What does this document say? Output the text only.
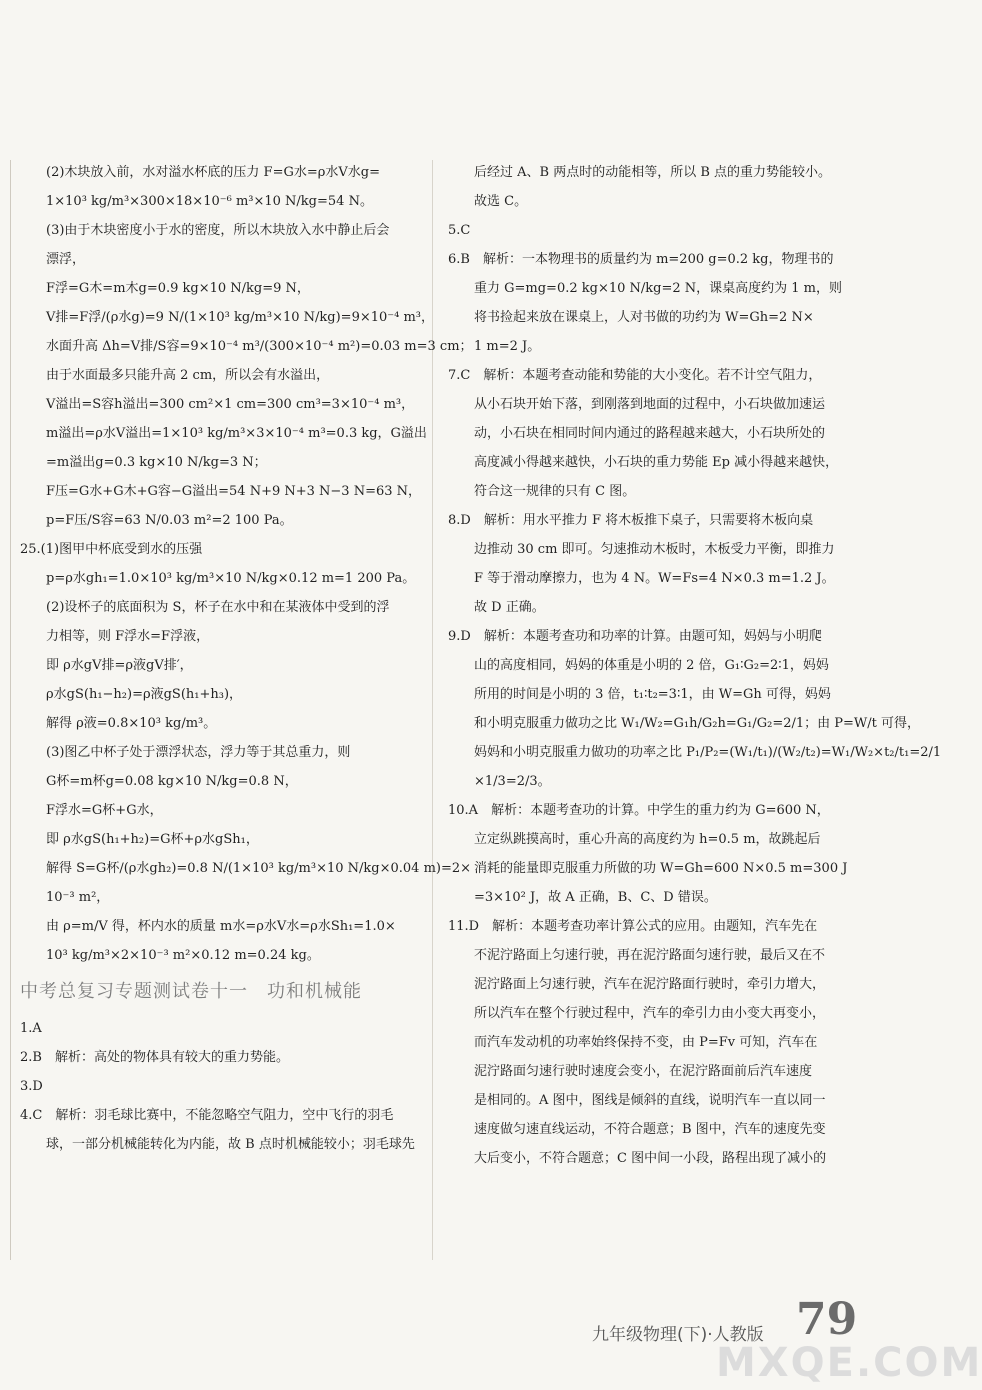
(2)木块放入前，水对溢水杯底的压力 F=G水=ρ水V水g=
1×10³ kg/m³×300×18×10⁻⁶ m³×10 N/kg=54 N。
(3)由于木块密度小于水的密度，所以木块放入水中静止后会
漂浮，
F浮=G木=m木g=0.9 kg×10 N/kg=9 N，
V排=F浮/(ρ水g)=9 N/(1×10³ kg/m³×10 N/kg)=9×10⁻⁴ m³，
水面升高 Δh=V排/S容=9×10⁻⁴ m³/(300×10⁻⁴ m²)=0.03 m=3 cm；
由于水面最多只能升高 2 cm，所以会有水溢出，
V溢出=S容h溢出=300 cm²×1 cm=300 cm³=3×10⁻⁴ m³，
m溢出=ρ水V溢出=1×10³ kg/m³×3×10⁻⁴ m³=0.3 kg，G溢出
=m溢出g=0.3 kg×10 N/kg=3 N；
F压=G水+G木+G容−G溢出=54 N+9 N+3 N−3 N=63 N，
p=F压/S容=63 N/0.03 m²=2 100 Pa。
25.(1)图甲中杯底受到水的压强
p=ρ水gh₁=1.0×10³ kg/m³×10 N/kg×0.12 m=1 200 Pa。
(2)设杯子的底面积为 S，杯子在水中和在某液体中受到的浮
力相等，则 F浮水=F浮液，
即 ρ水gV排=ρ液gV排′，
ρ水gS(h₁−h₂)=ρ液gS(h₁+h₃)，
解得 ρ液=0.8×10³ kg/m³。
(3)图乙中杯子处于漂浮状态，浮力等于其总重力，则
G杯=m杯g=0.08 kg×10 N/kg=0.8 N，
F浮水=G杯+G水，
即 ρ水gS(h₁+h₂)=G杯+ρ水gSh₁，
解得 S=G杯/(ρ水gh₂)=0.8 N/(1×10³ kg/m³×10 N/kg×0.04 m)=2×
10⁻³ m²，
由 ρ=m/V 得，杯内水的质量 m水=ρ水V水=ρ水Sh₁=1.0×
10³ kg/m³×2×10⁻³ m²×0.12 m=0.24 kg。
中考总复习专题测试卷十一　功和机械能
1.A
2.B　解析：高处的物体具有较大的重力势能。
3.D
4.C　解析：羽毛球比赛中，不能忽略空气阻力，空中飞行的羽毛
球，一部分机械能转化为内能，故 B 点时机械能较小；羽毛球先
后经过 A、B 两点时的动能相等，所以 B 点的重力势能较小。
故选 C。
5.C
6.B　解析：一本物理书的质量约为 m=200 g=0.2 kg，物理书的
重力 G=mg=0.2 kg×10 N/kg=2 N，课桌高度约为 1 m，则
将书捡起来放在课桌上，人对书做的功约为 W=Gh=2 N×
1 m=2 J。
7.C　解析：本题考查动能和势能的大小变化。若不计空气阻力，
从小石块开始下落，到刚落到地面的过程中，小石块做加速运
动，小石块在相同时间内通过的路程越来越大，小石块所处的
高度减小得越来越快，小石块的重力势能 Ep 减小得越来越快，
符合这一规律的只有 C 图。
8.D　解析：用水平推力 F 将木板推下桌子，只需要将木板向桌
边推动 30 cm 即可。匀速推动木板时，木板受力平衡，即推力
F 等于滑动摩擦力，也为 4 N。W=Fs=4 N×0.3 m=1.2 J。
故 D 正确。
9.D　解析：本题考查功和功率的计算。由题可知，妈妈与小明爬
山的高度相同，妈妈的体重是小明的 2 倍，G₁∶G₂=2∶1，妈妈
所用的时间是小明的 3 倍，t₁∶t₂=3∶1，由 W=Gh 可得，妈妈
和小明克服重力做功之比 W₁/W₂=G₁h/G₂h=G₁/G₂=2/1；由 P=W/t 可得，
妈妈和小明克服重力做功的功率之比 P₁/P₂=(W₁/t₁)/(W₂/t₂)=W₁/W₂×t₂/t₁=2/1
×1/3=2/3。
10.A　解析：本题考查功的计算。中学生的重力约为 G=600 N，
立定纵跳摸高时，重心升高的高度约为 h=0.5 m，故跳起后
消耗的能量即克服重力所做的功 W=Gh=600 N×0.5 m=300 J
=3×10² J，故 A 正确，B、C、D 错误。
11.D　解析：本题考查功率计算公式的应用。由题知，汽车先在
不泥泞路面上匀速行驶，再在泥泞路面匀速行驶，最后又在不
泥泞路面上匀速行驶，汽车在泥泞路面行驶时，牵引力增大，
所以汽车在整个行驶过程中，汽车的牵引力由小变大再变小，
而汽车发动机的功率始终保持不变，由 P=Fv 可知，汽车在
泥泞路面匀速行驶时速度会变小，在泥泞路面前后汽车速度
是相同的。A 图中，图线是倾斜的直线，说明汽车一直以同一
速度做匀速直线运动，不符合题意；B 图中，汽车的速度先变
大后变小，不符合题意；C 图中间一小段，路程出现了减小的
九年级物理(下)·人教版 79
MXQE.COM
